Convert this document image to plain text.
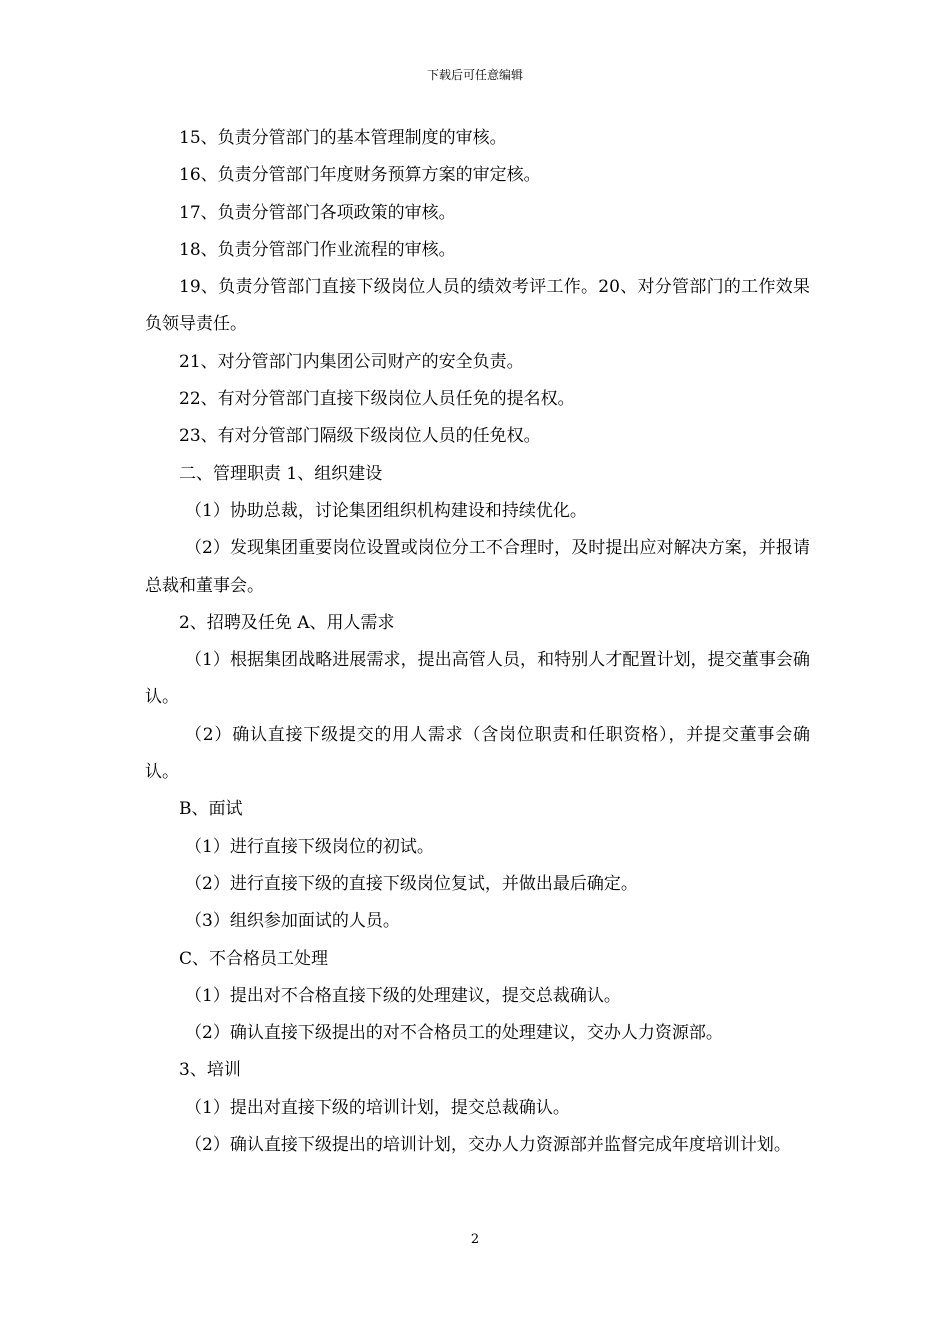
下载后可任意编辑

15、负责分管部门的基本管理制度的审核。

16、负责分管部门年度财务预算方案的审定核。

17、负责分管部门各项政策的审核。

18、负责分管部门作业流程的审核。

19、负责分管部门直接下级岗位人员的绩效考评工作。20、对分管部门的工作效果负领导责任。

21、对分管部门内集团公司财产的安全负责。

22、有对分管部门直接下级岗位人员任免的提名权。

23、有对分管部门隔级下级岗位人员的任免权。

二、管理职责 1、组织建设

（1）协助总裁，讨论集团组织机构建设和持续优化。

（2）发现集团重要岗位设置或岗位分工不合理时，及时提出应对解决方案，并报请总裁和董事会。

2、招聘及任免 A、用人需求

（1）根据集团战略进展需求，提出高管人员，和特别人才配置计划，提交董事会确认。

（2）确认直接下级提交的用人需求（含岗位职责和任职资格），并提交董事会确认。

B、面试

（1）进行直接下级岗位的初试。

（2）进行直接下级的直接下级岗位复试，并做出最后确定。

（3）组织参加面试的人员。

C、不合格员工处理

（1）提出对不合格直接下级的处理建议，提交总裁确认。

（2）确认直接下级提出的对不合格员工的处理建议，交办人力资源部。

3、培训

（1）提出对直接下级的培训计划，提交总裁确认。

（2）确认直接下级提出的培训计划，交办人力资源部并监督完成年度培训计划。

2
